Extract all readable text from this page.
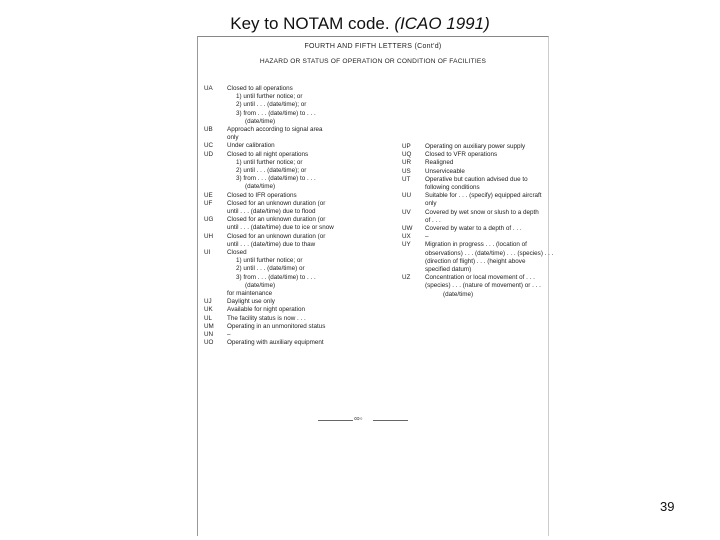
Key to NOTAM code. (ICAO 1991)
FOURTH AND FIFTH LETTERS (Cont'd)
HAZARD OR STATUS OF OPERATION OR CONDITION OF FACILITIES
UA	Closed to all operations
1) until further notice; or
2) until . . . (date/time); or
3) from . . . (date/time) to . . .
(date/time)
UB	Approach according to signal area
only
UC	Under calibration
UD	Closed to all night operations
1) until further notice; or
2) until . . . (date/time); or
3) from . . . (date/time) to . . .
(date/time)
UE	Closed to IFR operations
UF	Closed for an unknown duration (or
until . . . (date/time) due to flood
UG	Closed for an unknown duration (or
until . . . (date/time) due to ice or snow
UH	Closed for an unknown duration (or
until . . . (date/time) due to thaw
UI	Closed
1) until further notice; or
2) until . . . (date/time) or
3) from . . . (date/time) to . . .
(date/time)
for maintenance
UJ	Daylight use only
UK	Available for night operation
UL	The facility status is now . . .
UM	Operating in an unmonitored status
UN	–
UO	Operating with auxiliary equipment
UP	Operating on auxiliary power supply
UQ	Closed to VFR operations
UR	Realigned
US	Unserviceable
UT	Operative but caution advised due to
following conditions
UU	Suitable for . . . (specify) equipped aircraft
only
UV	Covered by wet snow or slush to a depth
of . . .
UW	Covered by water to a depth of . . .
UX	–
UY	Migration in progress . . . (location of
observations) . . . (date/time) . . . (species) . . .
(direction of flight) . . . (height above
specified datum)
UZ	Concentration or local movement of . . .
(species) . . . (nature of movement) or . . .
(date/time)
∞◦
39
